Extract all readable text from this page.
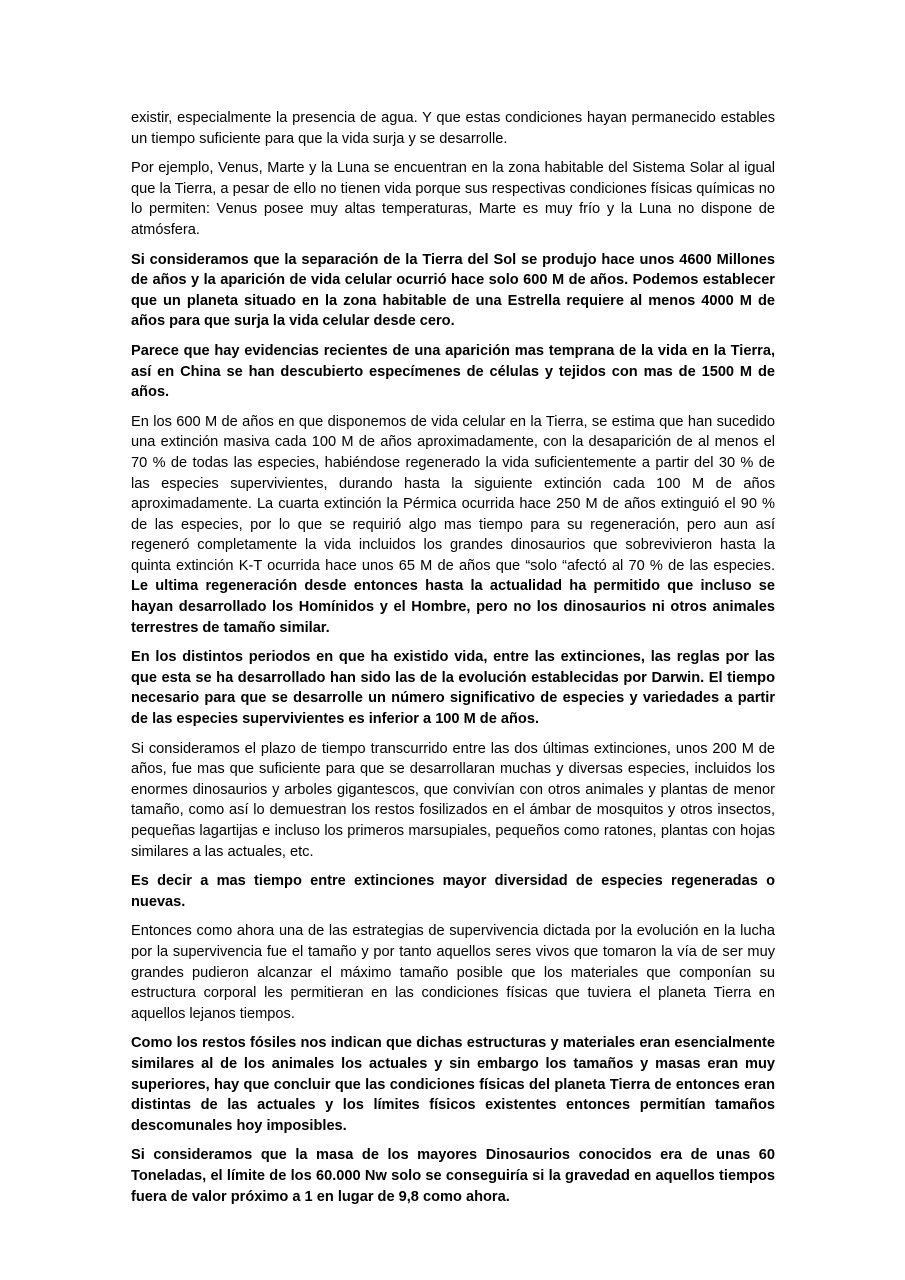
existir, especialmente la presencia de agua. Y que estas condiciones hayan permanecido estables un tiempo suficiente para que la vida surja y se desarrolle.

Por ejemplo, Venus, Marte y la Luna se encuentran en la zona habitable del Sistema Solar al igual que la Tierra, a pesar de ello no tienen vida porque sus respectivas condiciones físicas químicas no lo permiten: Venus posee muy altas temperaturas, Marte es muy frío y la Luna no dispone de atmósfera.

Si consideramos que la separación de la Tierra del Sol se produjo hace unos 4600 Millones de años y la aparición de vida celular ocurrió hace solo 600 M de años. Podemos establecer que un planeta situado en la zona habitable de una Estrella requiere al menos 4000 M de años para que surja la vida celular desde cero.

Parece que hay evidencias recientes de una aparición mas temprana de la vida en la Tierra, así en China se han descubierto especímenes de células y tejidos con mas de 1500 M de años.

En los 600 M de años en que disponemos de vida celular en la Tierra, se estima que han sucedido una extinción masiva cada 100 M de años aproximadamente, con la desaparición de al menos el 70 % de todas las especies, habiéndose regenerado la vida suficientemente a partir del 30 % de las especies supervivientes, durando hasta la siguiente extinción cada 100 M de años aproximadamente. La cuarta extinción la Pérmica ocurrida hace 250 M de años extinguió el 90 % de las especies, por lo que se requirió algo mas tiempo para su regeneración, pero aun así regeneró completamente la vida incluidos los grandes dinosaurios que sobrevivieron hasta la quinta extinción K-T ocurrida hace unos 65 M de años que “solo “afectó al 70 % de las especies. Le ultima regeneración desde entonces hasta la actualidad ha permitido que incluso se hayan desarrollado los Homínidos y el Hombre, pero no los dinosaurios ni otros animales terrestres de tamaño similar.

En los distintos periodos en que ha existido vida, entre las extinciones, las reglas por las que esta se ha desarrollado han sido las de la evolución establecidas por Darwin. El tiempo necesario para que se desarrolle un número significativo de especies y variedades a partir de las especies supervivientes es inferior a 100 M de años.

Si consideramos el plazo de tiempo transcurrido entre las dos últimas extinciones, unos 200 M de años, fue mas que suficiente para que se desarrollaran muchas y diversas especies, incluidos los enormes dinosaurios y arboles gigantescos, que convivían con otros animales y plantas de menor tamaño, como así lo demuestran los restos fosilizados en el ámbar de mosquitos y otros insectos, pequeñas lagartijas e incluso los primeros marsupiales, pequeños como ratones, plantas con hojas similares a las actuales, etc.

Es decir a mas tiempo entre extinciones mayor diversidad de especies regeneradas o nuevas.

Entonces como ahora una de las estrategias de supervivencia dictada por la evolución en la lucha por la supervivencia fue el tamaño y por tanto aquellos seres vivos que tomaron la vía de ser muy grandes pudieron alcanzar el máximo tamaño posible que los materiales que componían su estructura corporal les permitieran en las condiciones físicas que tuviera el planeta Tierra en aquellos lejanos tiempos.

Como los restos fósiles nos indican que dichas estructuras y materiales eran esencialmente similares al de los animales los actuales y sin embargo los tamaños y masas eran muy superiores, hay que concluir que las condiciones físicas del planeta Tierra de entonces eran distintas de las actuales y los límites físicos existentes entonces permitían tamaños descomunales hoy imposibles.

Si consideramos que la masa de los mayores Dinosaurios conocidos era de unas 60 Toneladas, el límite de los 60.000 Nw solo se conseguiría si la gravedad en aquellos tiempos fuera de valor próximo a 1 en lugar de 9,8 como ahora.
